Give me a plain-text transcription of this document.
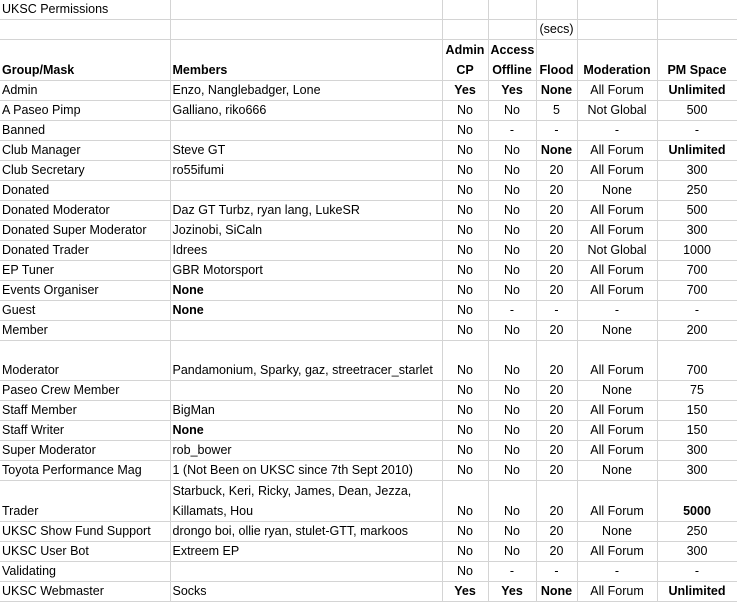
UKSC Permissions						
				(secs)		
Group/Mask	Members	Admin CP	Access Offline	Flood	Moderation	PM Space
Admin	Enzo, Nanglebadger, Lone	Yes	Yes	None	All Forum	Unlimited
A Paseo Pimp	Galliano, riko666	No	No	5	Not Global	500
Banned		No	-	-	-	-
Club Manager	Steve GT	No	No	None	All Forum	Unlimited
Club Secretary	ro55ifumi	No	No	20	All Forum	300
Donated		No	No	20	None	250
Donated Moderator	Daz GT Turbz, ryan lang, LukeSR	No	No	20	All Forum	500
Donated Super Moderator	Jozinobi, SiCaln	No	No	20	All Forum	300
Donated Trader	Idrees	No	No	20	Not Global	1000
EP Tuner	GBR Motorsport	No	No	20	All Forum	700
Events Organiser	None	No	No	20	All Forum	700
Guest	None	No	-	-	-	-
Member		No	No	20	None	200
Moderator	Pandamonium, Sparky, gaz, streetracer_starlet	No	No	20	All Forum	700
Paseo Crew Member		No	No	20	None	75
Staff Member	BigMan	No	No	20	All Forum	150
Staff Writer	None	No	No	20	All Forum	150
Super Moderator	rob_bower	No	No	20	All Forum	300
Toyota Performance Mag	1 (Not Been on UKSC since 7th Sept 2010)	No	No	20	None	300
Trader	Starbuck, Keri, Ricky, James, Dean, Jezza, Killamats, Hou	No	No	20	All Forum	5000
UKSC Show Fund Support	drongo boi, ollie ryan, stulet-GTT, markoos	No	No	20	None	250
UKSC User Bot	Extreem EP	No	No	20	All Forum	300
Validating		No	-	-	-	-
UKSC Webmaster	Socks	Yes	Yes	None	All Forum	Unlimited
